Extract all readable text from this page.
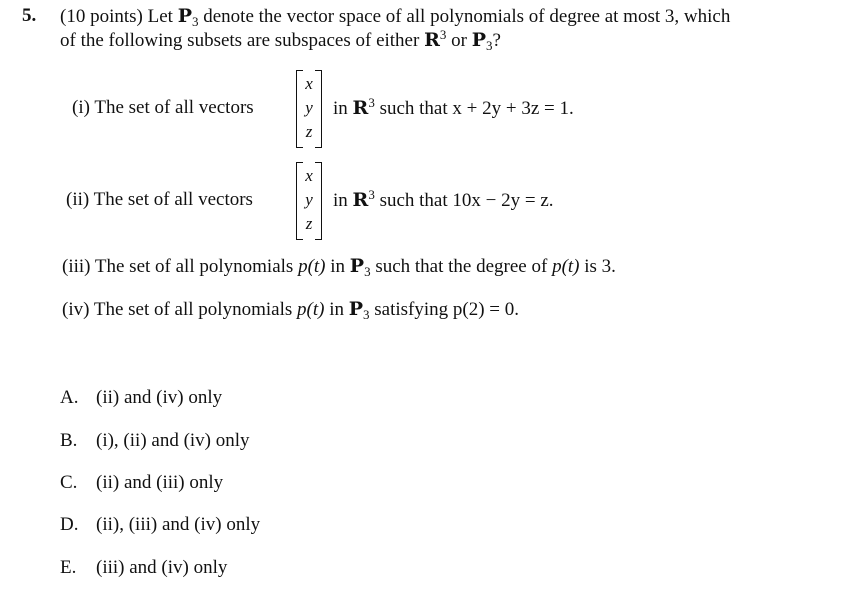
5. (10 points) Let $P_3$ denote the vector space of all polynomials of degree at most 3, which
of the following subsets are subspaces of either $R^3$ or $P_3$?
(i) The set of all vectors
x
y
z
in $R^3$ such that x + 2y + 3z = 1.
(ii) The set of all vectors
x
y
z
in $R^3$ such that 10x − 2y = z.
(iii) The set of all polynomials p(t) in $P_3$ such that the degree of p(t) is 3.
(iv) The set of all polynomials p(t) in $P_3$ satisfying p(2) = 0.
A. (ii) and (iv) only
B. (i), (ii) and (iv) only
C. (ii) and (iii) only
D. (ii), (iii) and (iv) only
E. (iii) and (iv) only
